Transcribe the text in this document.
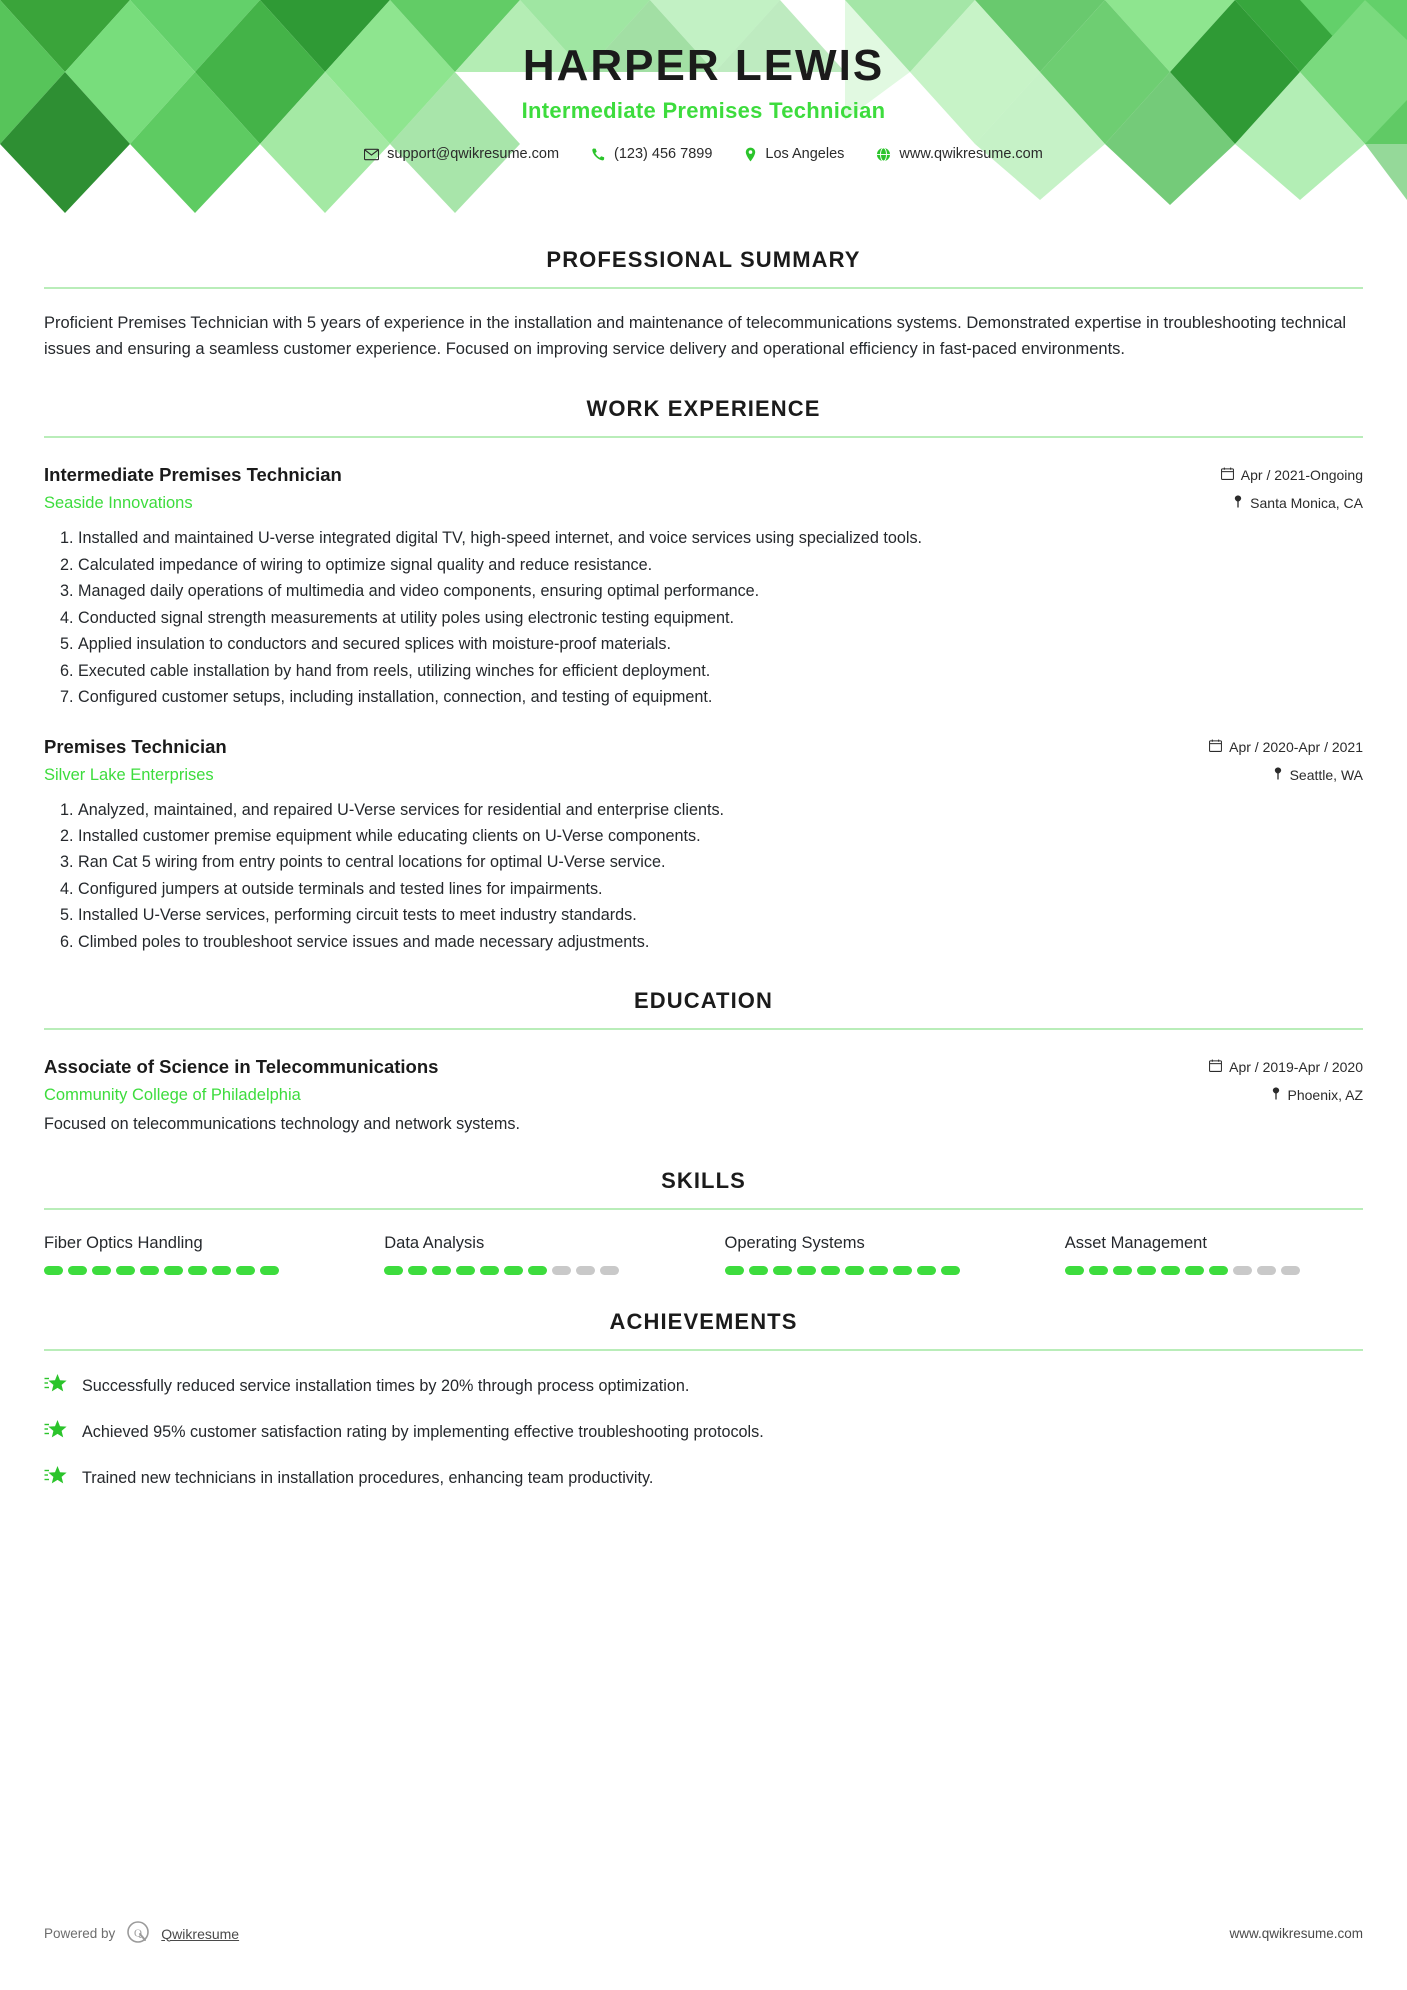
HARPER LEWIS
Intermediate Premises Technician
support@qwikresume.com	(123) 456 7899	Los Angeles	www.qwikresume.com
PROFESSIONAL SUMMARY
Proficient Premises Technician with 5 years of experience in the installation and maintenance of telecommunications systems. Demonstrated expertise in troubleshooting technical issues and ensuring a seamless customer experience. Focused on improving service delivery and operational efficiency in fast-paced environments.
WORK EXPERIENCE
Intermediate Premises Technician
Seaside Innovations
Apr / 2021-Ongoing
Santa Monica, CA
1. Installed and maintained U-verse integrated digital TV, high-speed internet, and voice services using specialized tools.
2. Calculated impedance of wiring to optimize signal quality and reduce resistance.
3. Managed daily operations of multimedia and video components, ensuring optimal performance.
4. Conducted signal strength measurements at utility poles using electronic testing equipment.
5. Applied insulation to conductors and secured splices with moisture-proof materials.
6. Executed cable installation by hand from reels, utilizing winches for efficient deployment.
7. Configured customer setups, including installation, connection, and testing of equipment.
Premises Technician
Silver Lake Enterprises
Apr / 2020-Apr / 2021
Seattle, WA
1. Analyzed, maintained, and repaired U-Verse services for residential and enterprise clients.
2. Installed customer premise equipment while educating clients on U-Verse components.
3. Ran Cat 5 wiring from entry points to central locations for optimal U-Verse service.
4. Configured jumpers at outside terminals and tested lines for impairments.
5. Installed U-Verse services, performing circuit tests to meet industry standards.
6. Climbed poles to troubleshoot service issues and made necessary adjustments.
EDUCATION
Associate of Science in Telecommunications
Community College of Philadelphia
Apr / 2019-Apr / 2020
Phoenix, AZ
Focused on telecommunications technology and network systems.
SKILLS
Fiber Optics Handling	Data Analysis	Operating Systems	Asset Management
ACHIEVEMENTS
Successfully reduced service installation times by 20% through process optimization.
Achieved 95% customer satisfaction rating by implementing effective troubleshooting protocols.
Trained new technicians in installation procedures, enhancing team productivity.
Powered by Q Qwikresume	www.qwikresume.com
